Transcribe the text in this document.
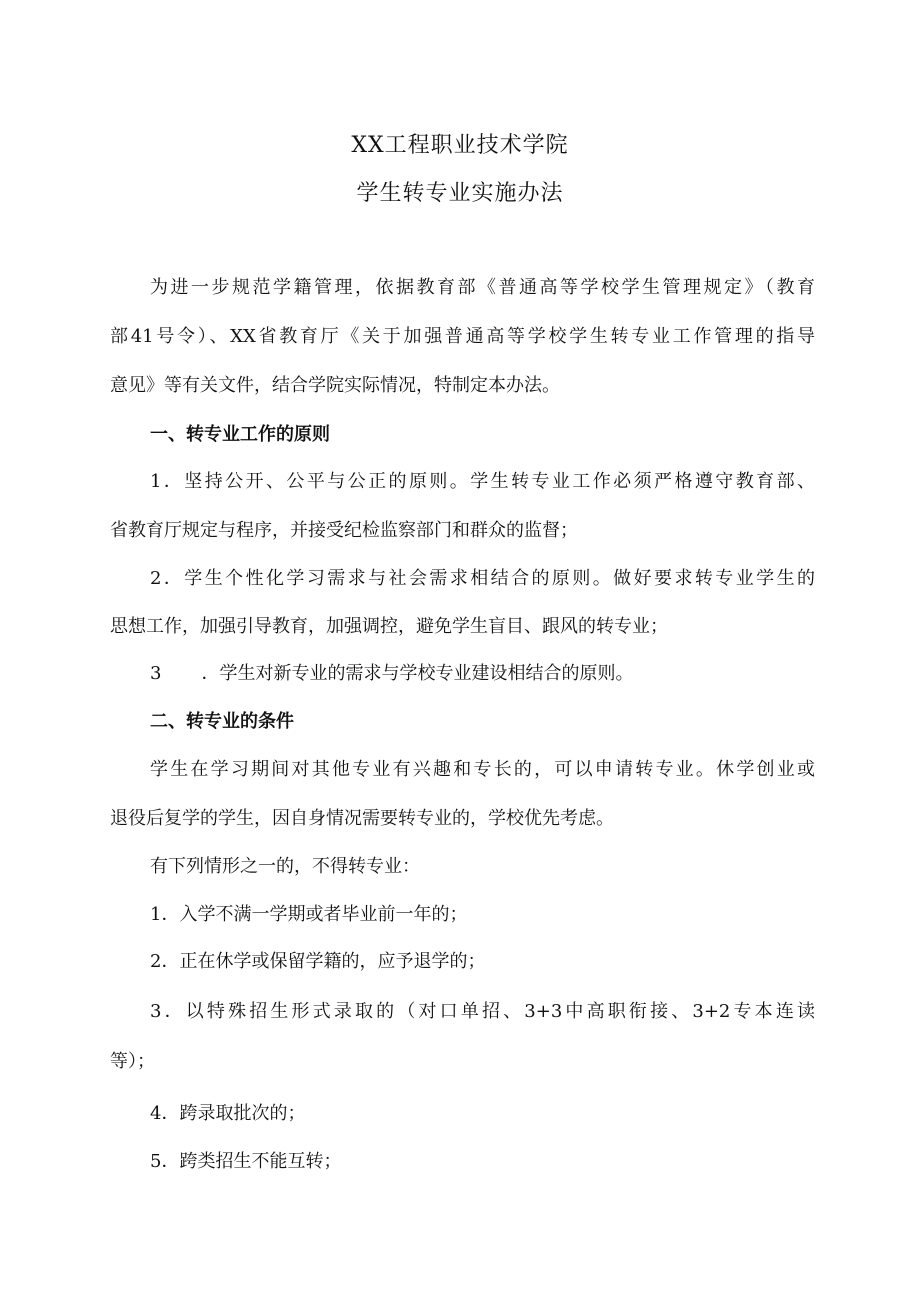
XX工程职业技术学院
学生转专业实施办法
为进一步规范学籍管理，依据教育部《普通高等学校学生管理规定》（教育
部41号令）、XX省教育厅《关于加强普通高等学校学生转专业工作管理的指导
意见》等有关文件，结合学院实际情况，特制定本办法。
一、转专业工作的原则
1．坚持公开、公平与公正的原则。学生转专业工作必须严格遵守教育部、
省教育厅规定与程序，并接受纪检监察部门和群众的监督；
2．学生个性化学习需求与社会需求相结合的原则。做好要求转专业学生的
思想工作，加强引导教育，加强调控，避免学生盲目、跟风的转专业；
3 ．学生对新专业的需求与学校专业建设相结合的原则。
二、转专业的条件
学生在学习期间对其他专业有兴趣和专长的，可以申请转专业。休学创业或
退役后复学的学生，因自身情况需要转专业的，学校优先考虑。
有下列情形之一的，不得转专业：
1．入学不满一学期或者毕业前一年的；
2．正在休学或保留学籍的，应予退学的；
3．以特殊招生形式录取的（对口单招、3+3中高职衔接、3+2专本连读
等）；
4．跨录取批次的；
5．跨类招生不能互转；
